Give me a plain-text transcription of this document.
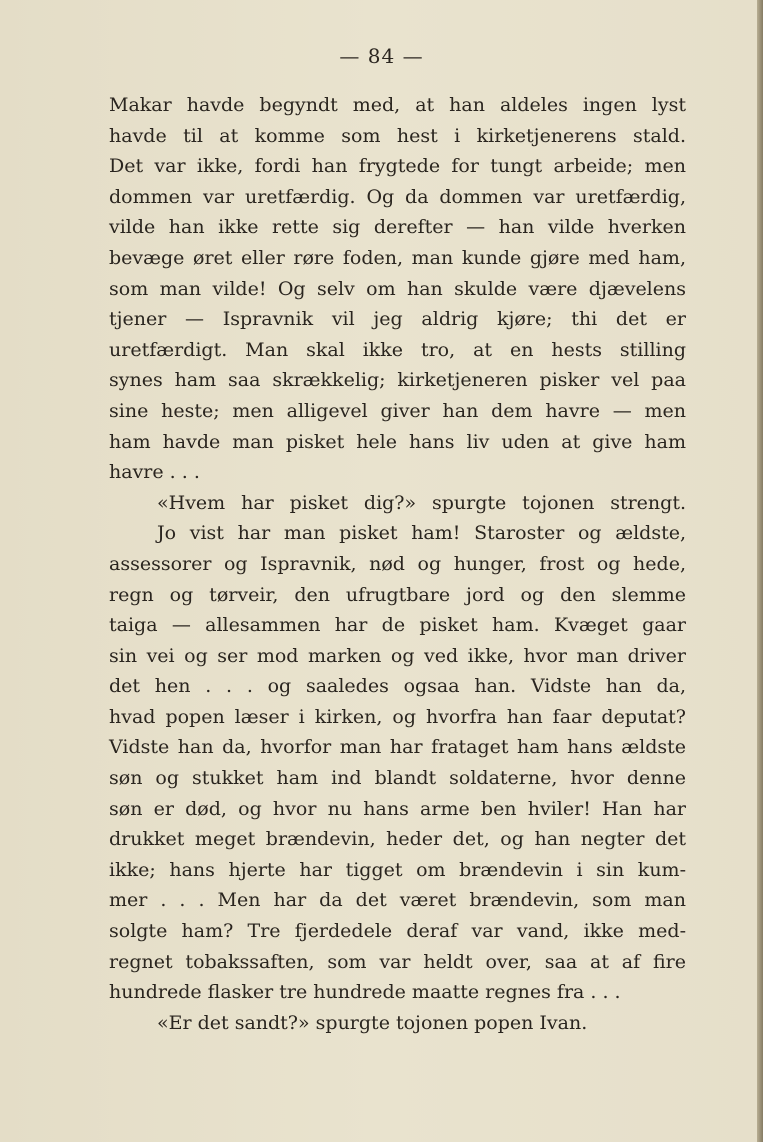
— 84 —
Makar havde begyndt med, at han aldeles ingen lyst
havde til at komme som hest i kirketjenerens stald.
Det var ikke, fordi han frygtede for tungt arbeide; men
dommen var uretfærdig. Og da dommen var uretfærdig,
vilde han ikke rette sig derefter — han vilde hverken
bevæge øret eller røre foden, man kunde gjøre med ham,
som man vilde! Og selv om han skulde være djævelens
tjener — Ispravnik vil jeg aldrig kjøre; thi det er
uretfærdigt. Man skal ikke tro, at en hests stilling
synes ham saa skrækkelig; kirketjeneren pisker vel paa
sine heste; men alligevel giver han dem havre — men
ham havde man pisket hele hans liv uden at give ham
havre . . .
«Hvem har pisket dig?» spurgte tojonen strengt.
Jo vist har man pisket ham! Staroster og ældste,
assessorer og Ispravnik, nød og hunger, frost og hede,
regn og tørveir, den ufrugtbare jord og den slemme
taiga — allesammen har de pisket ham. Kvæget gaar
sin vei og ser mod marken og ved ikke, hvor man driver
det hen . . . og saaledes ogsaa han. Vidste han da,
hvad popen læser i kirken, og hvorfra han faar deputat?
Vidste han da, hvorfor man har frataget ham hans ældste
søn og stukket ham ind blandt soldaterne, hvor denne
søn er død, og hvor nu hans arme ben hviler! Han har
drukket meget brændevin, heder det, og han negter det
ikke; hans hjerte har tigget om brændevin i sin kum-
mer . . . Men har da det været brændevin, som man
solgte ham? Tre fjerdedele deraf var vand, ikke med-
regnet tobakssaften, som var heldt over, saa at af fire
hundrede flasker tre hundrede maatte regnes fra . . .
«Er det sandt?» spurgte tojonen popen Ivan.
